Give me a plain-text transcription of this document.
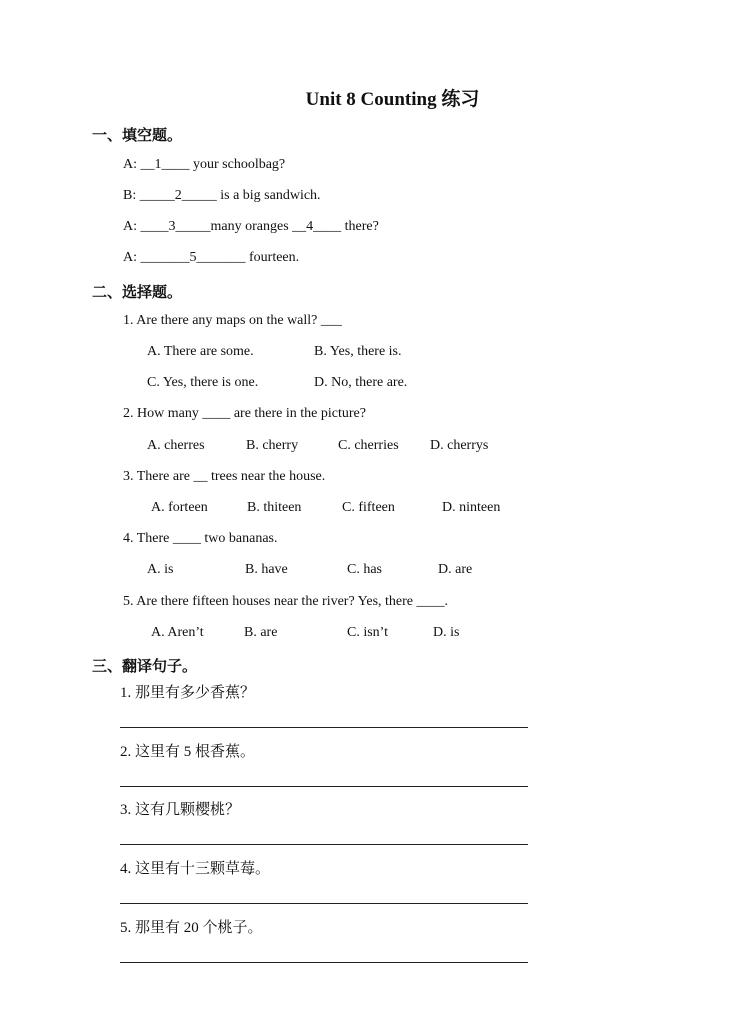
Unit 8 Counting 练习
一、填空题。
A: __1____ your schoolbag?
B: _____2_____ is a big sandwich.
A: ____3_____many oranges __4____ there?
A: _______5_______ fourteen.
二、选择题。
1. Are there any maps on the wall? ___
A. There are some.	B. Yes, there is.
C. Yes, there is one.	D. No, there are.
2. How many ____ are there in the picture?
A. cherres	B. cherry	C. cherries D. cherrys
3. There are __ trees near the house.
A. forteen	B. thiteen	C. fifteen	D. ninteen
4. There ____ two bananas.
A. is	B. have	C. has	D. are
5. Are there fifteen houses near the river? Yes, there ____.
A. Aren’t	B. are	C. isn’t	D. is
三、翻译句子。
1. 那里有多少香蕉？
2. 这里有 5 根香蕉。
3. 这有几颗樱桃？
4. 这里有十三颗草莓。
5. 那里有 20 个桃子。
